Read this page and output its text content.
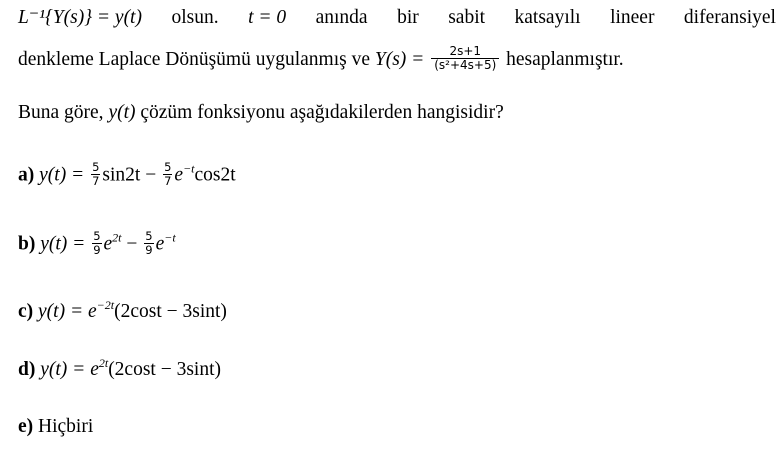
L⁻¹{Y(s)} = y(t) olsun. t = 0 anında bir sabit katsayılı lineer diferansiyel
denkleme Laplace Dönüşümü uygulanmış ve $Y(s) = \frac{2s+1}{\text{(s²+4s+5)}}$ hesaplanmıştır.
Buna göre, y(t) çözüm fonksiyonu aşağıdakilerden hangisidir?
a) $y(t) = \frac{5}{7} \sin 2t - \frac{5}{7} e^{-t}\cos 2t$
b) $y(t) = \frac{5}{9} e^{2t} - \frac{5}{9} e^{-t}$
c) $y(t) = e^{-2t}(2\cos t - 3\sin t)$
d) $y(t) = e^{2t}(2\cos t - 3\sin t)$
e) Hiçbiri
